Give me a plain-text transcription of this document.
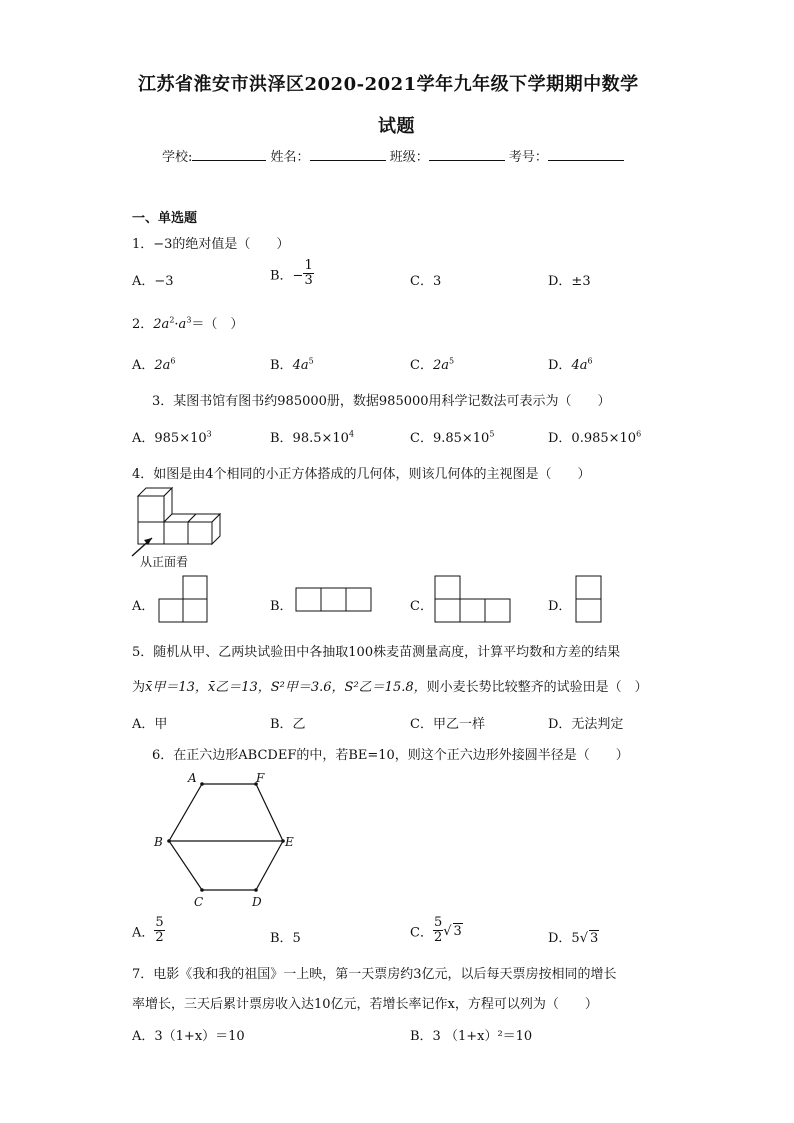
江苏省淮安市洪泽区2020-2021学年九年级下学期期中数学
试题
学校:	姓名：	班级：	考号：
一、单选题
1．−3的绝对值是（　　）
A．−3	B．− $\frac{1}{3}$	C．3	D．±3
2．$2a^2\cdot a^3=$（　）
A．$2a^6$	B．$4a^5$	C．$2a^5$	D．$4a^6$
3．某图书馆有图书约985000册，数据985000用科学记数法可表示为（　　）
A．$985\times 10^3$	B．$98.5\times 10^4$	C．$9.85\times 10^5$	D．$0.985\times 10^6$
4．如图是由4个相同的小正方体搭成的几何体，则该几何体的主视图是（　　）
从正面看
A．	B．	C．	D．
5．随机从甲、乙两块试验田中各抽取100株麦苗测量高度，计算平均数和方差的结果
为x̄甲＝13，x̄乙＝13，S²甲＝3.6，S²乙＝15.8，则小麦长势比较整齐的试验田是（　）
A．甲	B．乙	C．甲乙一样	D．无法判定
6．在正六边形ABCDEF的中，若BE=10，则这个正六边形外接圆半径是（　　）
A	F
B	E
C	D
A． $\frac{5}{2}$	B．5	C． $\frac{5}{2}$ √ 3	D．5√ 3
7．电影《我和我的祖国》一上映，第一天票房约3亿元，以后每天票房按相同的增长
率增长，三天后累计票房收入达10亿元，若增长率记作x，方程可以列为（　　）
A．3（1+x）＝10	B．3 （1+x）²＝10
